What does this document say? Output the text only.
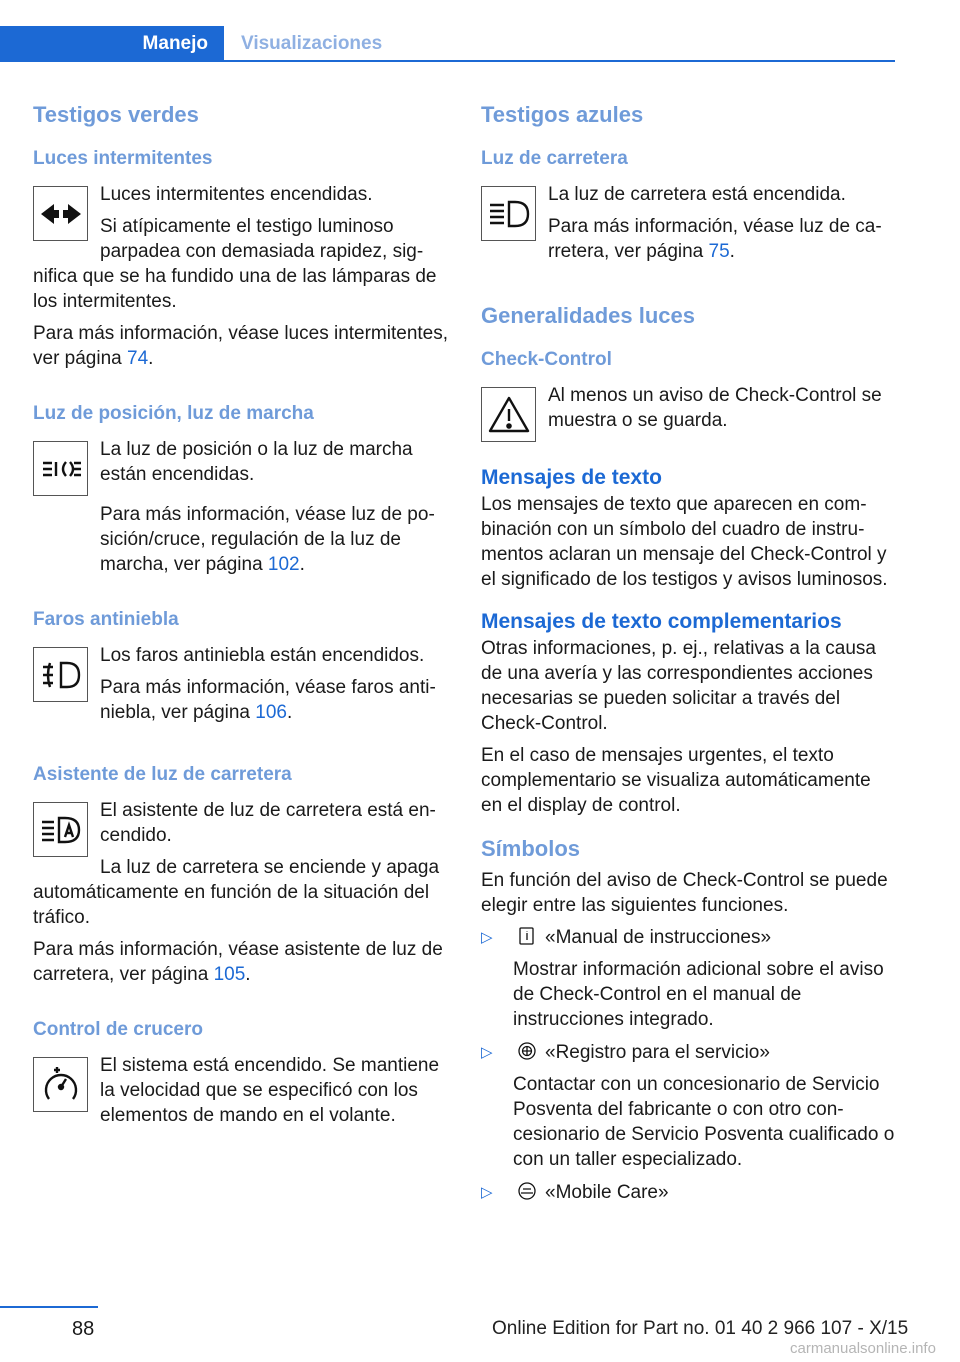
Manejo	Visualizaciones
Testigos verdes
Luces intermitentes
Luces intermitentes encendidas.
Si atípicamente el testigo luminoso parpadea con demasiada rapidez, significa que se ha fundido una de las lámparas de los intermitentes.
Para más información, véase luces intermitentes, ver página 74.
Luz de posición, luz de marcha
La luz de posición o la luz de marcha están encendidas.
Para más información, véase luz de posición/cruce, regulación de la luz de marcha, ver página 102.
Faros antiniebla
Los faros antiniebla están encendidos.
Para más información, véase faros antiniebla, ver página 106.
Asistente de luz de carretera
El asistente de luz de carretera está encendido.
La luz de carretera se enciende y apaga automáticamente en función de la situación del tráfico.
Para más información, véase asistente de luz de carretera, ver página 105.
Control de crucero
El sistema está encendido. Se mantiene la velocidad que se especificó con los elementos de mando en el volante.
Testigos azules
Luz de carretera
La luz de carretera está encendida.
Para más información, véase luz de carretera, ver página 75.
Generalidades luces
Check-Control
Al menos un aviso de Check-Control se muestra o se guarda.
Mensajes de texto
Los mensajes de texto que aparecen en combinación con un símbolo del cuadro de instrumentos aclaran un mensaje del Check-Control y el significado de los testigos y avisos luminosos.
Mensajes de texto complementarios
Otras informaciones, p. ej., relativas a la causa de una avería y las correspondientes acciones necesarias se pueden solicitar a través del Check-Control.
En el caso de mensajes urgentes, el texto complementario se visualiza automáticamente en el display de control.
Símbolos
En función del aviso de Check-Control se puede elegir entre las siguientes funciones.
▷	«Manual de instrucciones»
Mostrar información adicional sobre el aviso de Check-Control en el manual de instrucciones integrado.
▷	«Registro para el servicio»
Contactar con un concesionario de Servicio Posventa del fabricante o con otro concesionario de Servicio Posventa cualificado o con un taller especializado.
▷	«Mobile Care»
88	Online Edition for Part no. 01 40 2 966 107 - X/15
carmanualsonline.info
